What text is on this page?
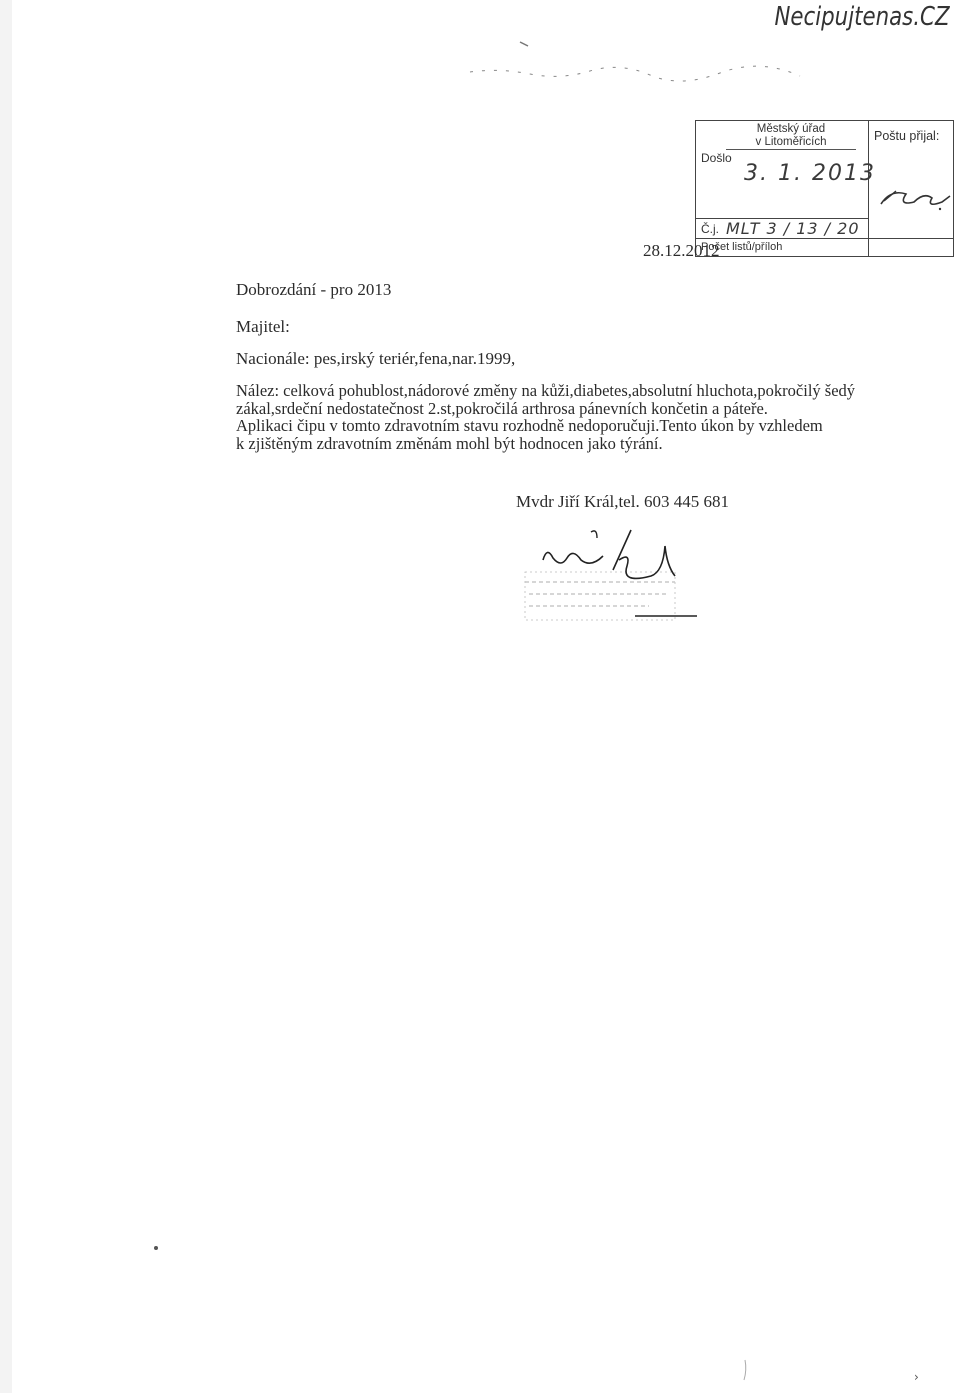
Necipujtenas.CZ
›
Městský úřad
v Litoměřicích
Došlo
3. 1. 2013
Poštu přijal:
Č.j. MLT 3 / 13 / 20
Počet listů/příloh
28.12.2012
Dobrozdání - pro 2013
Majitel:
Nacionále: pes,irský teriér,fena,nar.1999,
Nález: celková pohublost,nádorové změny na kůži,diabetes,absolutní hluchota,pokročilý šedý
zákal,srdeční nedostatečnost 2.st,pokročilá arthrosa pánevních končetin a páteře.
Aplikaci čipu v tomto zdravotním stavu rozhodně nedoporučuji.Tento úkon by vzhledem
k zjištěným zdravotním změnám mohl být hodnocen jako týrání.
Mvdr Jiří Král,tel. 603 445 681
